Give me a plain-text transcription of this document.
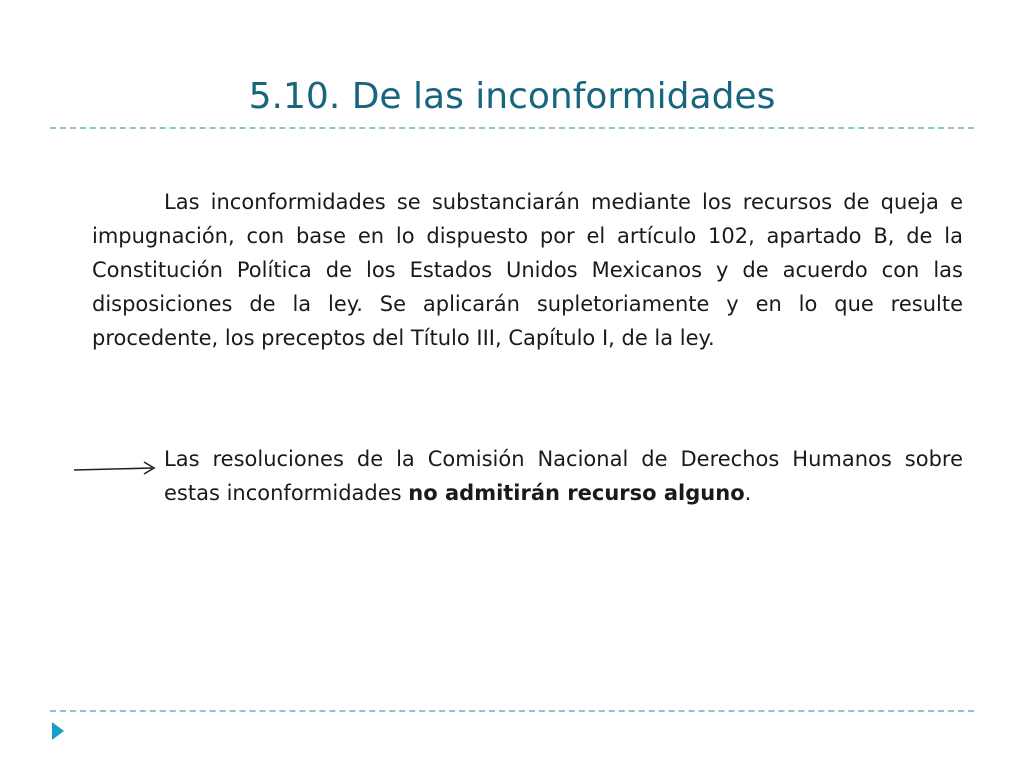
5.10. De las inconformidades

Las inconformidades se substanciarán mediante los recursos de queja e impugnación, con base en lo dispuesto por el artículo 102, apartado B, de la Constitución Política de los Estados Unidos Mexicanos y de acuerdo con las disposiciones de la ley. Se aplicarán supletoriamente y en lo que resulte procedente, los preceptos del Título III, Capítulo I, de la ley.

Las resoluciones de la Comisión Nacional de Derechos Humanos sobre estas inconformidades no admitirán recurso alguno.
